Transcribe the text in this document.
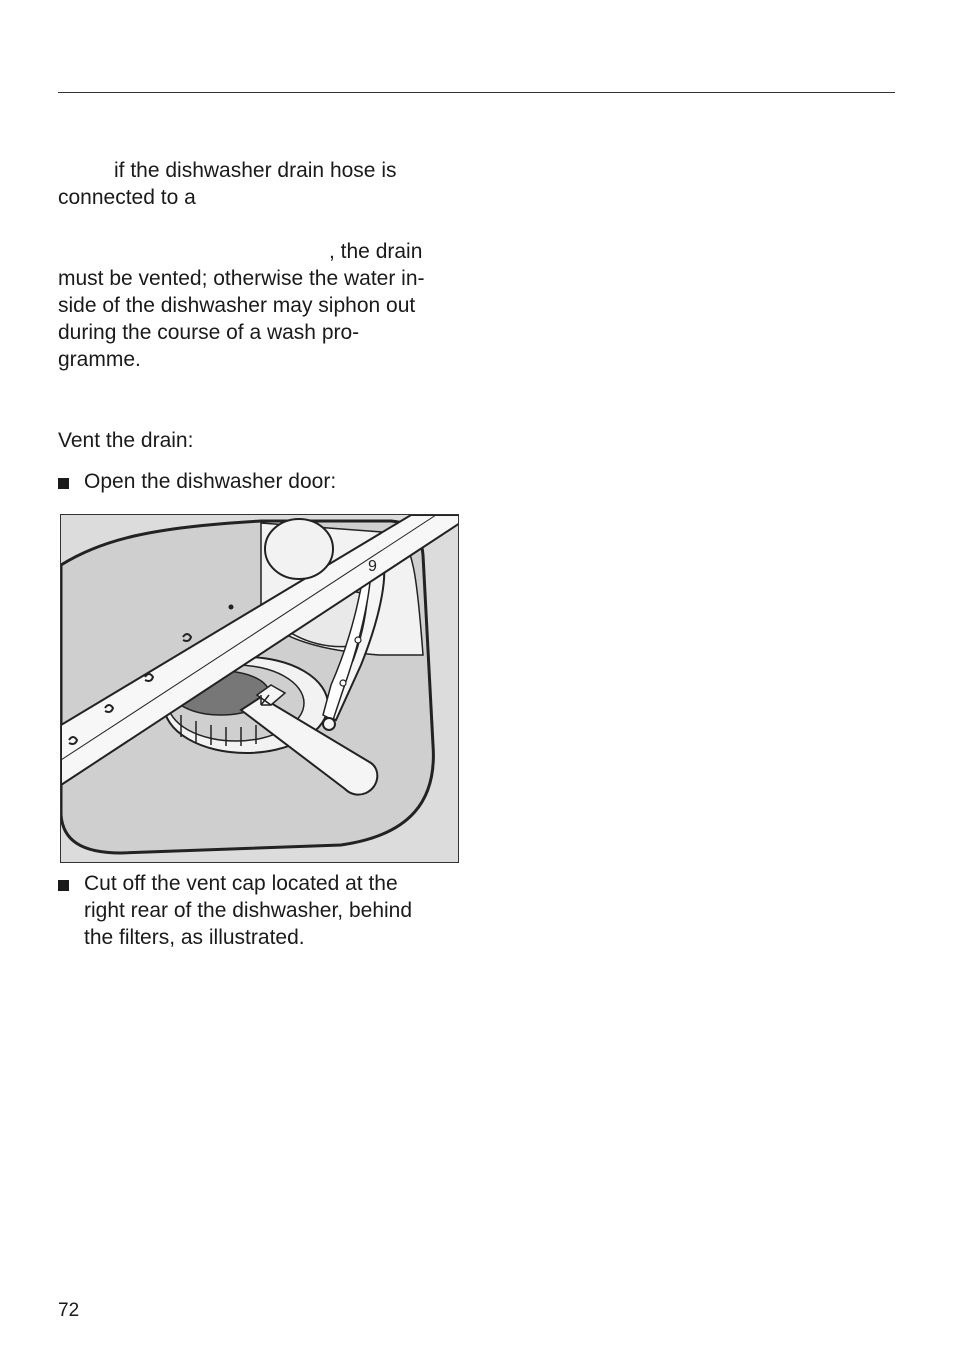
if the dishwasher drain hose is
connected to a
, the drain
must be vented; otherwise the water in-
side of the dishwasher may siphon out
during the course of a wash pro-
gramme.
Vent the drain:
Open the dishwasher door:
9
Cut off the vent cap located at the
right rear of the dishwasher, behind
the filters, as illustrated.
72
